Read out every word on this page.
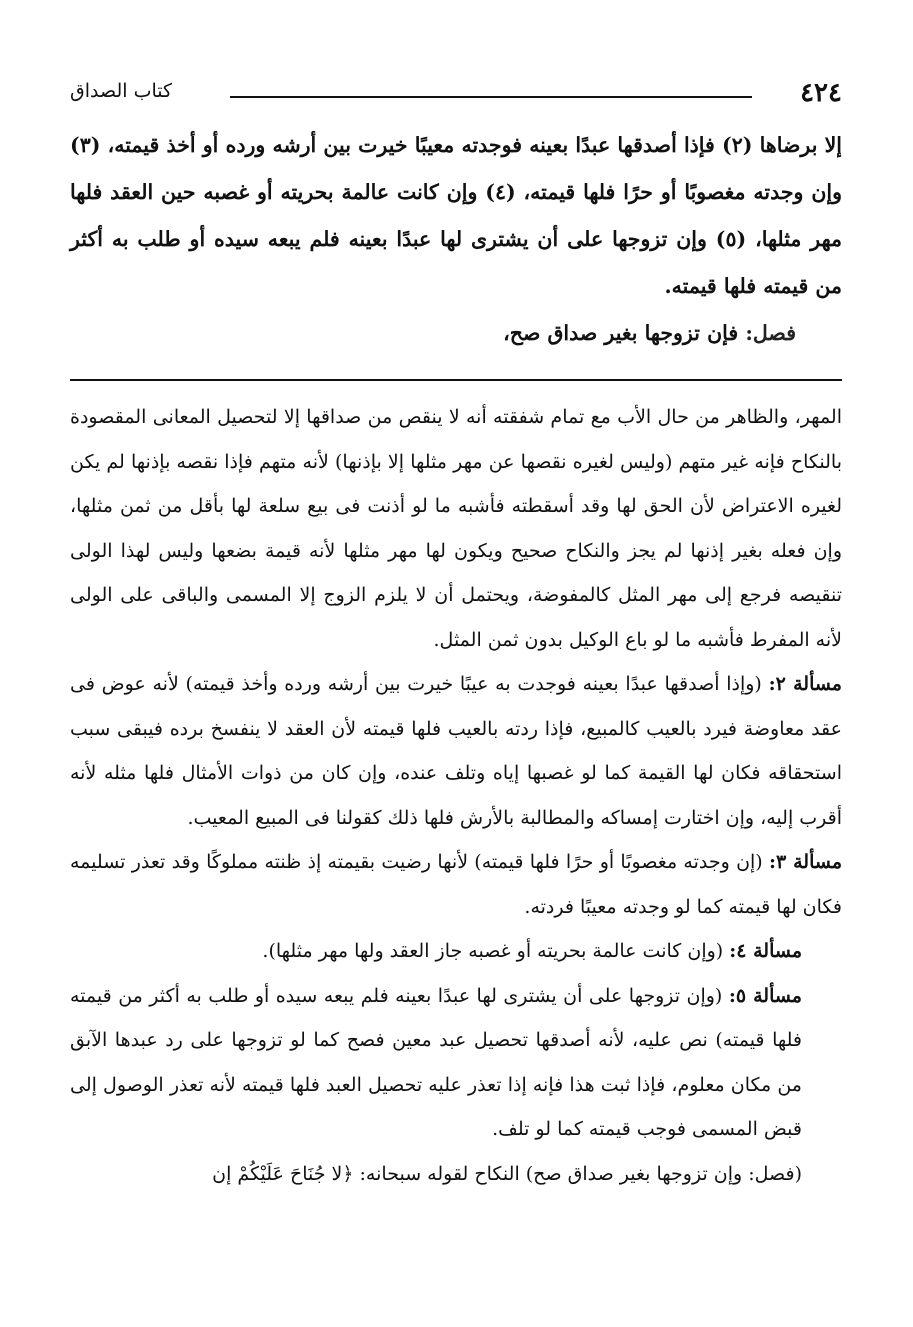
٤٢٤
كتاب الصداق

إلا برضاها (٢) فإذا أصدقها عبدًا بعينه فوجدته معيبًا خيرت بين أرشه ورده أو أخذ قيمته، (٣) وإن وجدته مغصوبًا أو حرًا فلها قيمته، (٤) وإن كانت عالمة بحريته أو غصبه حين العقد فلها مهر مثلها، (٥) وإن تزوجها على أن يشترى لها عبدًا بعينه فلم يبعه سيده أو طلب به أكثر من قيمته فلها قيمته.

فصل: فإن تزوجها بغير صداق صح،

المهر، والظاهر من حال الأب مع تمام شفقته أنه لا ينقص من صداقها إلا لتحصيل المعانى المقصودة بالنكاح فإنه غير متهم (وليس لغيره نقصها عن مهر مثلها إلا بإذنها) لأنه متهم فإذا نقصه بإذنها لم يكن لغيره الاعتراض لأن الحق لها وقد أسقطته فأشبه ما لو أذنت فى بيع سلعة لها بأقل من ثمن مثلها، وإن فعله بغير إذنها لم يجز والنكاح صحيح ويكون لها مهر مثلها لأنه قيمة بضعها وليس لهذا الولى تنقيصه فرجع إلى مهر المثل كالمفوضة، ويحتمل أن لا يلزم الزوج إلا المسمى والباقى على الولى لأنه المفرط فأشبه ما لو باع الوكيل بدون ثمن المثل.

مسألة ٢: (وإذا أصدقها عبدًا بعينه فوجدت به عيبًا خيرت بين أرشه ورده وأخذ قيمته) لأنه عوض فى عقد معاوضة فيرد بالعيب كالمبيع، فإذا ردته بالعيب فلها قيمته لأن العقد لا ينفسخ برده فيبقى سبب استحقاقه فكان لها القيمة كما لو غصبها إياه وتلف عنده، وإن كان من ذوات الأمثال فلها مثله لأنه أقرب إليه، وإن اختارت إمساكه والمطالبة بالأرش فلها ذلك كقولنا فى المبيع المعيب.

مسألة ٣: (إن وجدته مغصوبًا أو حرًا فلها قيمته) لأنها رضيت بقيمته إذ ظنته مملوكًا وقد تعذر تسليمه فكان لها قيمته كما لو وجدته معيبًا فردته.

مسألة ٤: (وإن كانت عالمة بحريته أو غصبه جاز العقد ولها مهر مثلها).

مسألة ٥: (وإن تزوجها على أن يشترى لها عبدًا بعينه فلم يبعه سيده أو طلب به أكثر من قيمته فلها قيمته) نص عليه، لأنه أصدقها تحصيل عبد معين فصح كما لو تزوجها على رد عبدها الآبق من مكان معلوم، فإذا ثبت هذا فإنه إذا تعذر عليه تحصيل العبد فلها قيمته لأنه تعذر الوصول إلى قبض المسمى فوجب قيمته كما لو تلف.

(فصل: وإن تزوجها بغير صداق صح) النكاح لقوله سبحانه: ﴿لا جُنَاحَ عَلَيْكُمْ إن
